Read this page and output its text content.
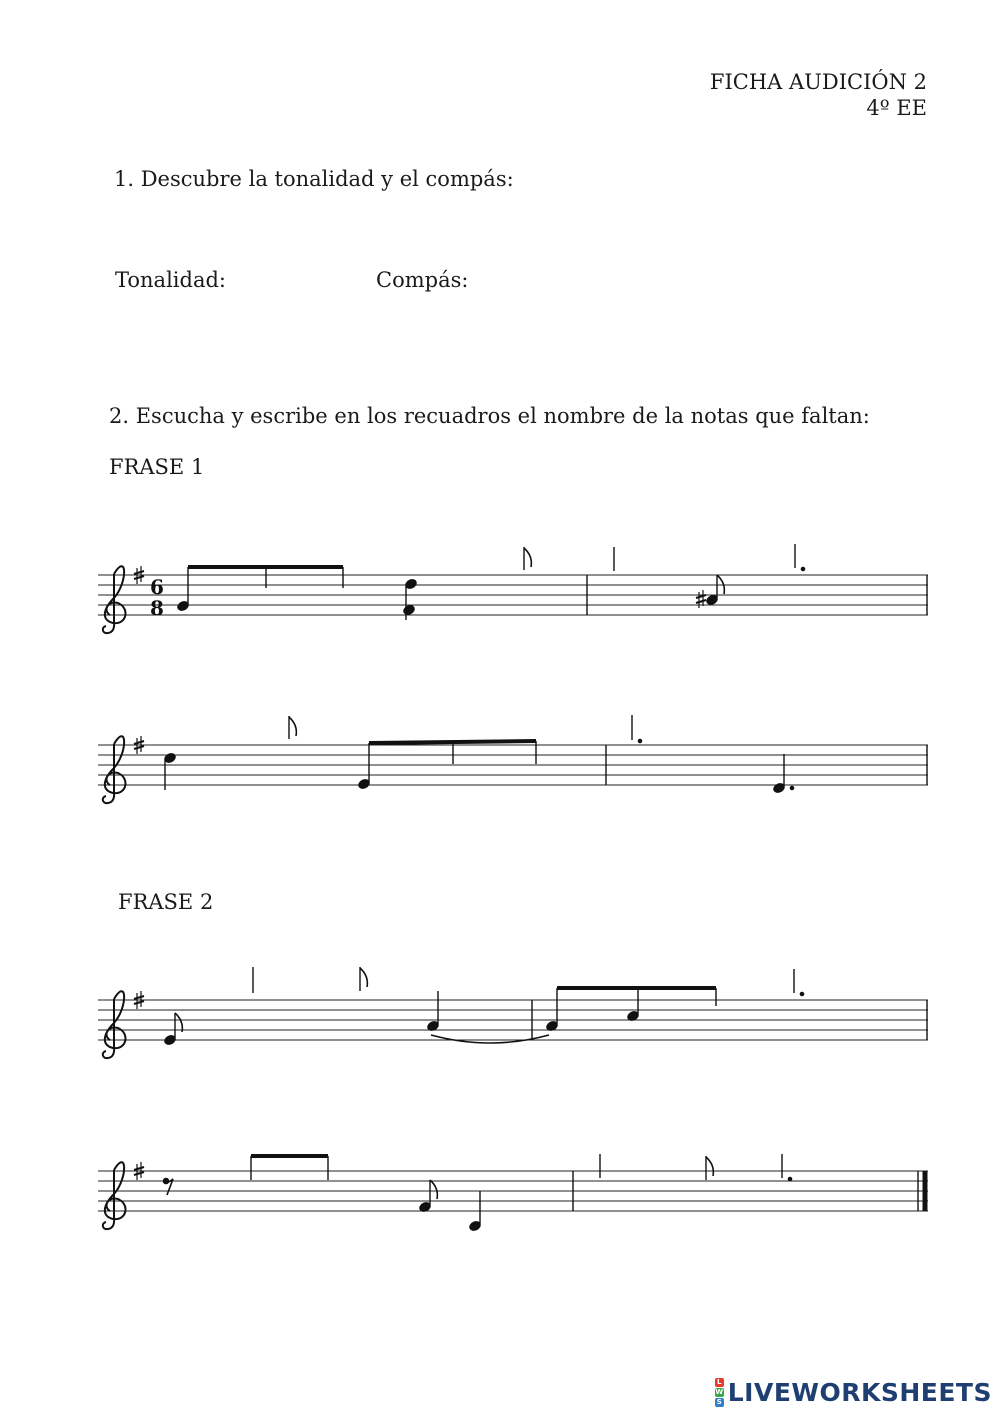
FICHA AUDICIÓN 2
4º EE
1. Descubre la tonalidad y el compás:
Tonalidad:	Compás:
2. Escucha y escribe en los recuadros el nombre de la notas que faltan:
FRASE 1
FRASE 2
6
8
L
W
S LIVEWORKSHEETS
